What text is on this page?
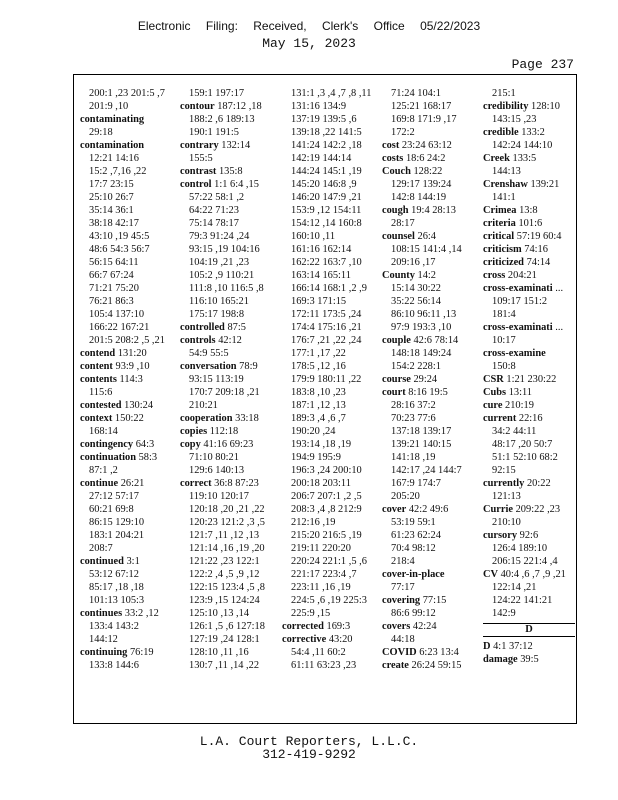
Electronic Filing: Received, Clerk's Office 05/22/2023
May 15, 2023
Page 237
200:1 ,23 201:5 ,7
201:9 ,10
contaminating
29:18
contamination
12:21 14:16
15:2 ,7,16 ,22
17:7 23:15
25:10 26:7
35:14 36:1
38:18 42:17
43:10 ,19 45:5
48:6 54:3 56:7
56:15 64:11
66:7 67:24
71:21 75:20
76:21 86:3
105:4 137:10
166:22 167:21
201:5 208:2 ,5 ,21
contend 131:20
content 93:9 ,10
contents 114:3
115:6
contested 130:24
context 150:22
168:14
contingency 64:3
continuation 58:3
87:1 ,2
continue 26:21
27:12 57:17
60:21 69:8
86:15 129:10
183:1 204:21
208:7
continued 3:1
53:12 67:12
85:17 ,18 ,18
101:13 105:3
continues 33:2 ,12
133:4 143:2
144:12
continuing 76:19
133:8 144:6
159:1 197:17
contour 187:12 ,18
188:2 ,6 189:13
190:1 191:5
contrary 132:14
155:5
contrast 135:8
control 1:1 6:4 ,15
57:22 58:1 ,2
64:22 71:23
75:14 78:17
79:3 91:24 ,24
93:15 ,19 104:16
104:19 ,21 ,23
105:2 ,9 110:21
111:8 ,10 116:5 ,8
116:10 165:21
175:17 198:8
controlled 87:5
controls 42:12
54:9 55:5
conversation 78:9
93:15 113:19
170:7 209:18 ,21
210:21
cooperation 33:18
copies 112:18
copy 41:16 69:23
71:10 80:21
129:6 140:13
correct 36:8 87:23
119:10 120:17
120:18 ,20 ,21 ,22
120:23 121:2 ,3 ,5
121:7 ,11 ,12 ,13
121:14 ,16 ,19 ,20
121:22 ,23 122:1
122:2 ,4 ,5 ,9 ,12
122:15 123:4 ,5 ,8
123:9 ,15 124:24
125:10 ,13 ,14
126:1 ,5 ,6 127:18
127:19 ,24 128:1
128:10 ,11 ,16
130:7 ,11 ,14 ,22
131:1 ,3 ,4 ,7 ,8 ,11
131:16 134:9
137:19 139:5 ,6
139:18 ,22 141:5
141:24 142:2 ,18
142:19 144:14
144:24 145:1 ,19
145:20 146:8 ,9
146:20 147:9 ,21
153:9 ,12 154:11
154:12 ,14 160:8
160:10 ,11
161:16 162:14
162:22 163:7 ,10
163:14 165:11
166:14 168:1 ,2 ,9
169:3 171:15
172:11 173:5 ,24
174:4 175:16 ,21
176:7 ,21 ,22 ,24
177:1 ,17 ,22
178:5 ,12 ,16
179:9 180:11 ,22
183:8 ,10 ,23
187:1 ,12 ,13
189:3 ,4 ,6 ,7
190:20 ,24
193:14 ,18 ,19
194:9 195:9
196:3 ,24 200:10
200:18 203:11
206:7 207:1 ,2 ,5
208:3 ,4 ,8 212:9
212:16 ,19
215:20 216:5 ,19
219:11 220:20
220:24 221:1 ,5 ,6
221:17 223:4 ,7
223:11 ,16 ,19
224:5 ,6 ,19 225:3
225:9 ,15
corrected 169:3
corrective 43:20
54:4 ,11 60:2
61:11 63:23 ,23
71:24 104:1
125:21 168:17
169:8 171:9 ,17
172:2
cost 23:24 63:12
costs 18:6 24:2
Couch 128:22
129:17 139:24
142:8 144:19
cough 19:4 28:13
28:17
counsel 26:4
108:15 141:4 ,14
209:16 ,17
County 14:2
15:14 30:22
35:22 56:14
86:10 96:11 ,13
97:9 193:3 ,10
couple 42:6 78:14
148:18 149:24
154:2 228:1
course 29:24
court 8:16 19:5
28:16 37:2
70:23 77:6
137:18 139:17
139:21 140:15
141:18 ,19
142:17 ,24 144:7
167:9 174:7
205:20
cover 42:2 49:6
53:19 59:1
61:23 62:24
70:4 98:12
218:4
cover-in-place
77:17
covering 77:15
86:6 99:12
covers 42:24
44:18
COVID 6:23 13:4
create 26:24 59:15
215:1
credibility 128:10
143:15 ,23
credible 133:2
142:24 144:10
Creek 133:5
144:13
Crenshaw 139:21
141:1
Crimea 13:8
criteria 101:6
critical 57:19 60:4
criticism 74:16
criticized 74:14
cross 204:21
cross-examinati ...
109:17 151:2
181:4
cross-examinati ...
10:17
cross-examine
150:8
CSR 1:21 230:22
Cubs 13:11
cure 210:19
current 22:16
34:2 44:11
48:17 ,20 50:7
51:1 52:10 68:2
92:15
currently 20:22
121:13
Currie 209:22 ,23
210:10
cursory 92:6
126:4 189:10
206:15 221:4 ,4
CV 40:4 ,6 ,7 ,9 ,21
122:14 ,21
124:22 141:21
142:9
D
D 4:1 37:12
damage 39:5
L.A. Court Reporters, L.L.C.
312-419-9292
